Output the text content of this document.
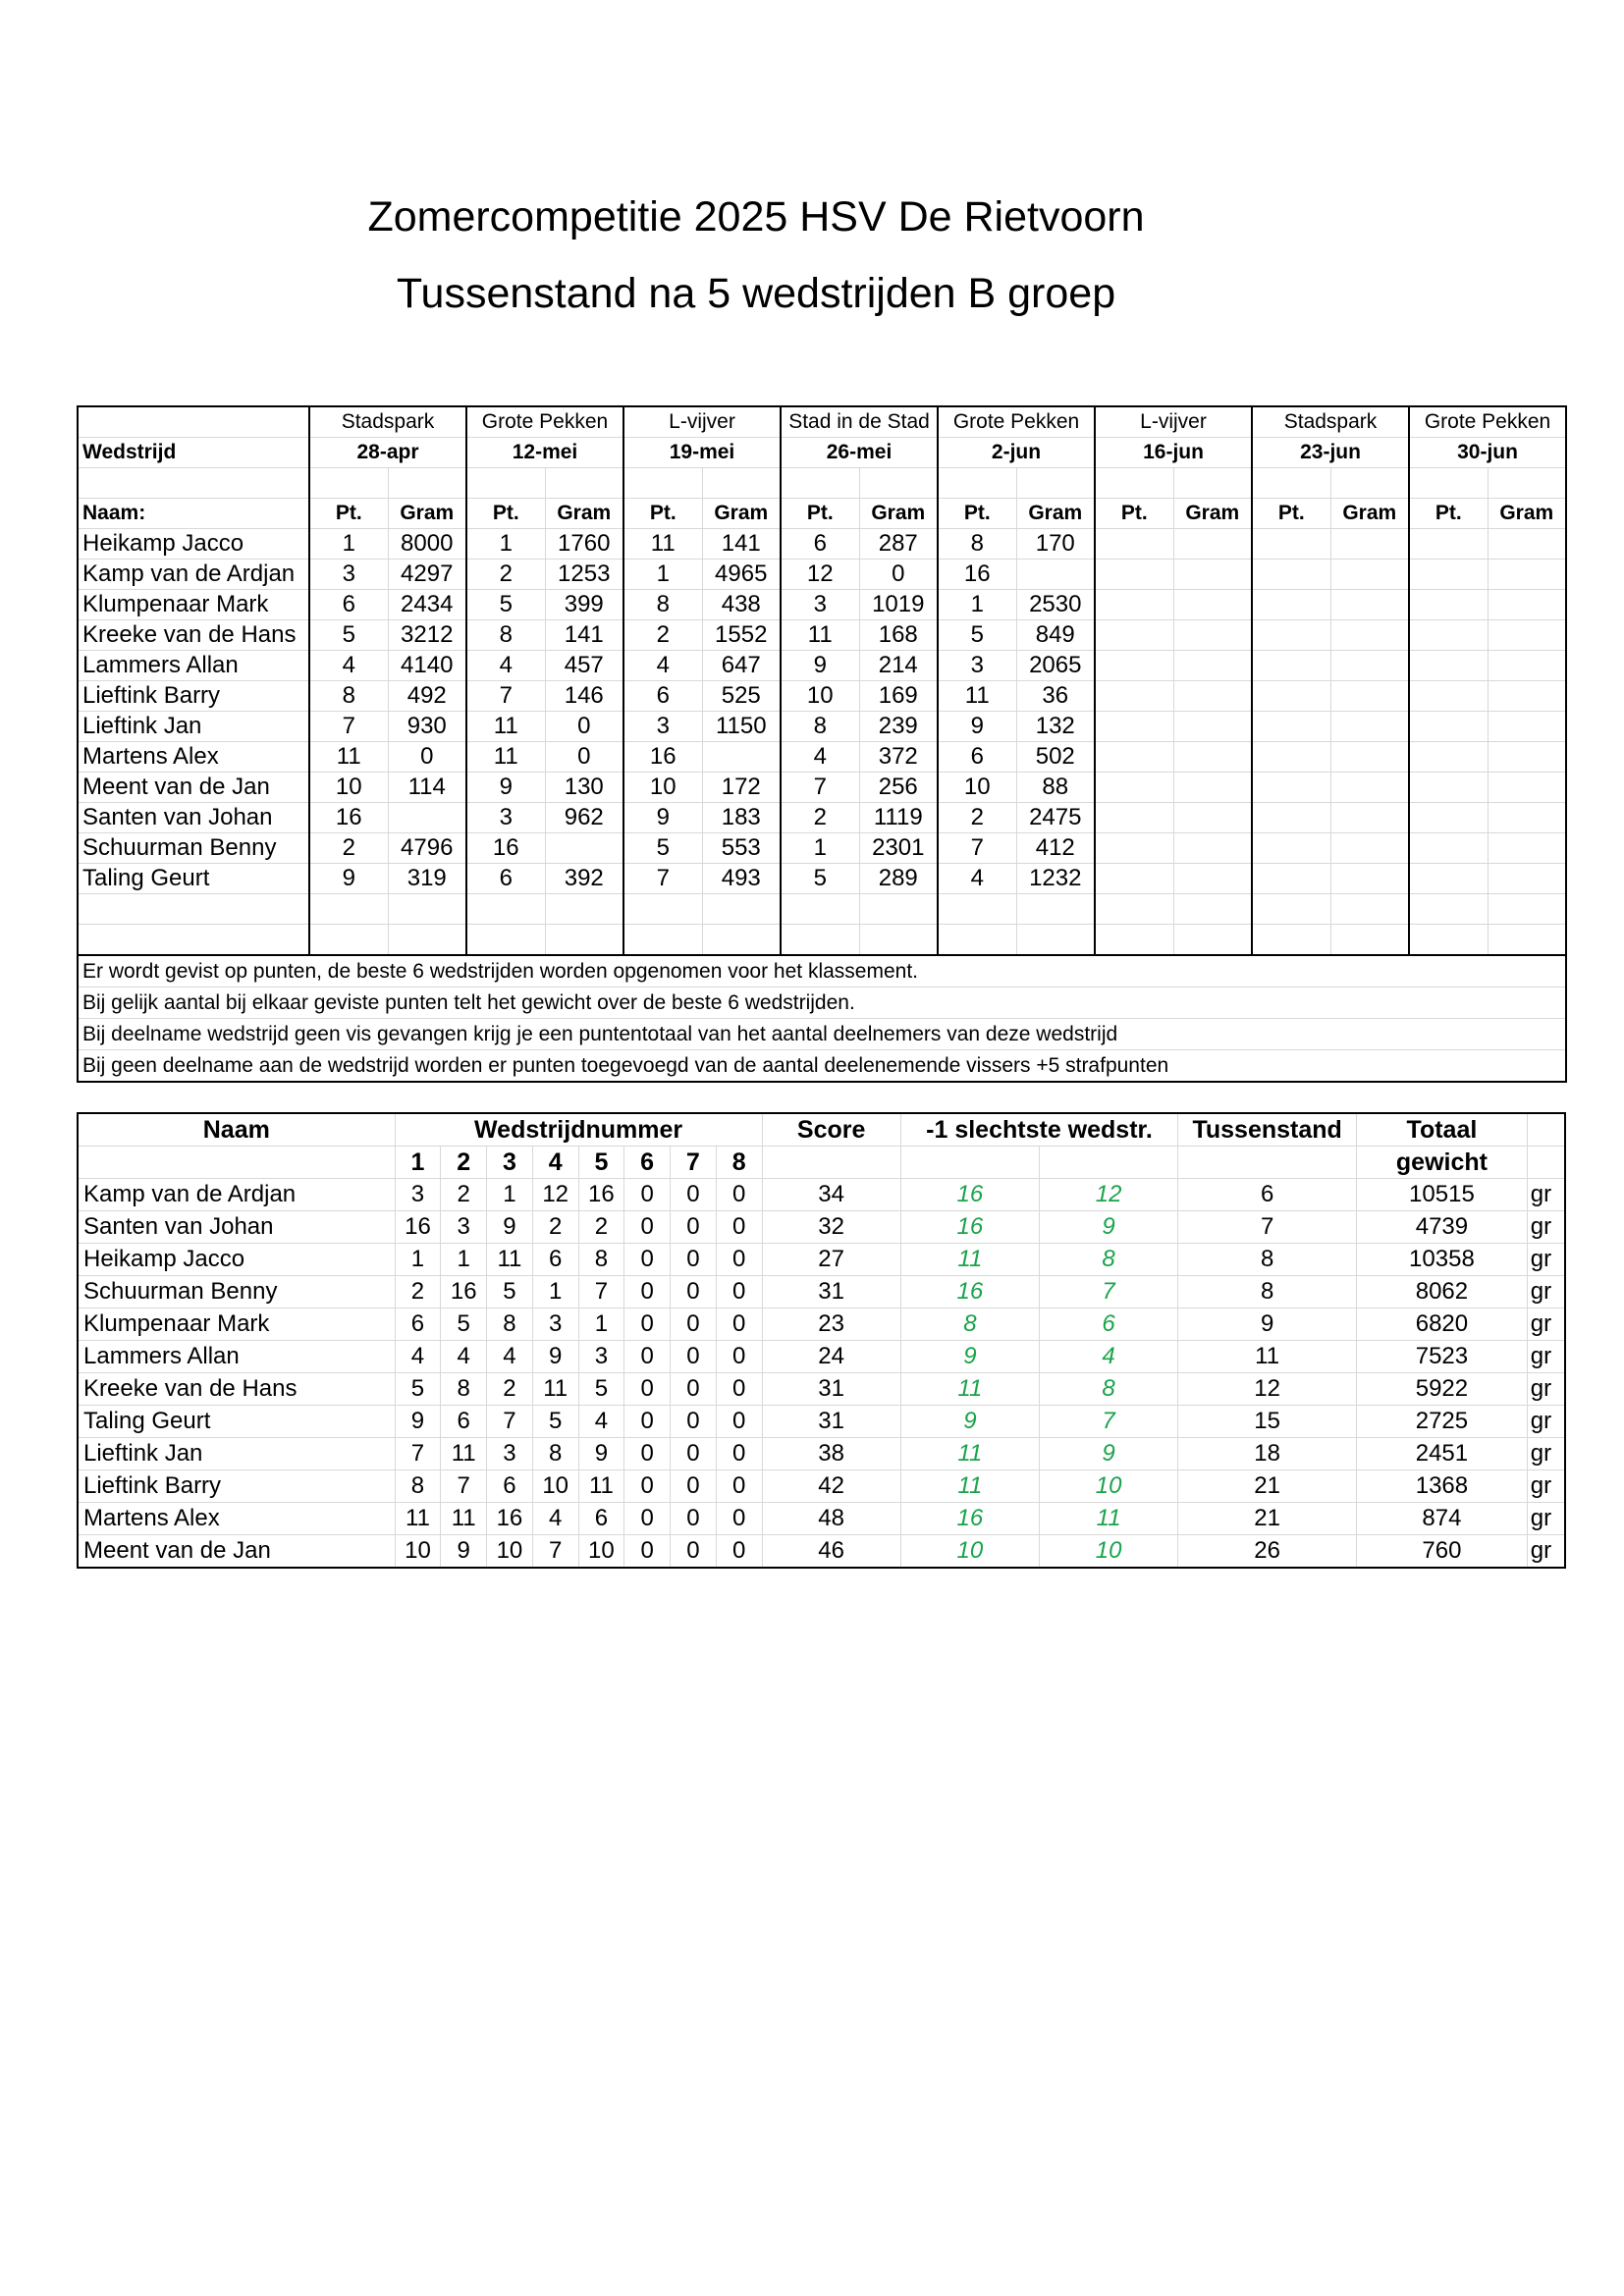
Zomercompetitie 2025 HSV De Rietvoorn
Tussenstand na 5 wedstrijden B groep
	Stadspark		Grote Pekken		L-vijver		Stad in de Stad		Grote Pekken		L-vijver		Stadspark		Grote Pekken	
Wedstrijd	28-apr		12-mei		19-mei		26-mei		2-jun		16-jun		23-jun		30-jun	

Naam:	Pt.	Gram	Pt.	Gram	Pt.	Gram	Pt.	Gram	Pt.	Gram	Pt.	Gram	Pt.	Gram	Pt.	Gram
Heikamp Jacco	1	8000	1	1760	11	141	6	287	8	170						
Kamp van de Ardjan	3	4297	2	1253	1	4965	12	0	16							
Klumpenaar Mark	6	2434	5	399	8	438	3	1019	1	2530						
Kreeke van de Hans	5	3212	8	141	2	1552	11	168	5	849						
Lammers Allan	4	4140	4	457	4	647	9	214	3	2065						
Lieftink Barry	8	492	7	146	6	525	10	169	11	36						
Lieftink Jan	7	930	11	0	3	1150	8	239	9	132						
Martens Alex	11	0	11	0	16		4	372	6	502						
Meent van de Jan	10	114	9	130	10	172	7	256	10	88						
Santen van Johan	16		3	962	9	183	2	1119	2	2475						
Schuurman Benny	2	4796	16		5	553	1	2301	7	412						
Taling Geurt	9	319	6	392	7	493	5	289	4	1232						

Er wordt gevist op punten, de beste 6 wedstrijden worden opgenomen voor het klassement.																
Bij gelijk aantal bij elkaar geviste punten telt het gewicht over de beste 6 wedstrijden.																
Bij deelname wedstrijd geen vis gevangen krijg je een puntentotaal van het aantal deelnemers van deze wedstrijd																
Bij geen deelname aan de wedstrijd worden er punten toegevoegd van de aantal deelenemende vissers +5 strafpunten																
Naam	Wedstrijdnummer								Score	-1 slechtste wedstr.		Tussenstand	Totaal	
	1	2	3	4	5	6	7	8					gewicht	
Kamp van de Ardjan	3	2	1	12	16	0	0	0	34	16	12	6	10515	gr
Santen van Johan	16	3	9	2	2	0	0	0	32	16	9	7	4739	gr
Heikamp Jacco	1	1	11	6	8	0	0	0	27	11	8	8	10358	gr
Schuurman Benny	2	16	5	1	7	0	0	0	31	16	7	8	8062	gr
Klumpenaar Mark	6	5	8	3	1	0	0	0	23	8	6	9	6820	gr
Lammers Allan	4	4	4	9	3	0	0	0	24	9	4	11	7523	gr
Kreeke van de Hans	5	8	2	11	5	0	0	0	31	11	8	12	5922	gr
Taling Geurt	9	6	7	5	4	0	0	0	31	9	7	15	2725	gr
Lieftink Jan	7	11	3	8	9	0	0	0	38	11	9	18	2451	gr
Lieftink Barry	8	7	6	10	11	0	0	0	42	11	10	21	1368	gr
Martens Alex	11	11	16	4	6	0	0	0	48	16	11	21	874	gr
Meent van de Jan	10	9	10	7	10	0	0	0	46	10	10	26	760	gr
